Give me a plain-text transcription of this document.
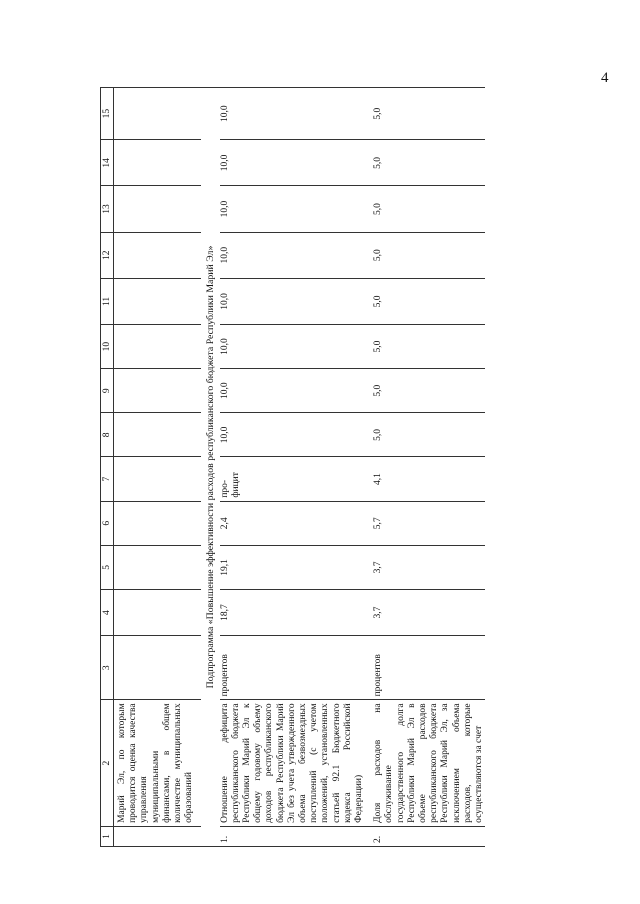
4
1	2	3	4	5	6	7	8	9	10	11	12	13	14	15
	Марий Эл, по которым проводится оценка качества управления муниципальными финансами, в общем количестве муниципальных образований													
Подпрограмма «Повышение эффективности расходов республиканского бюджета Республики Марий Эл»														
1.	Отношение дефицита республиканского бюджета Республики Марий Эл к общему годовому объему доходов республиканского бюджета Республики Марий Эл без учета утвержденного объема безвозмездных поступлений (с учетом положений, установленных статьей 92.1 Бюджетного кодекса Российской Федерации)	процентов	18,7	19,1	2,4	про-фицит	10,0	10,0	10,0	10,0	10,0	10,0	10,0	10,0
2.	Доля расходов на обслуживание государственного долга Республики Марий Эл в объеме расходов республиканского бюджета Республики Марий Эл, за исключением объема расходов, которые осуществляются за счет	процентов	3,7	3,7	5,7	4,1	5,0	5,0	5,0	5,0	5,0	5,0	5,0	5,0
